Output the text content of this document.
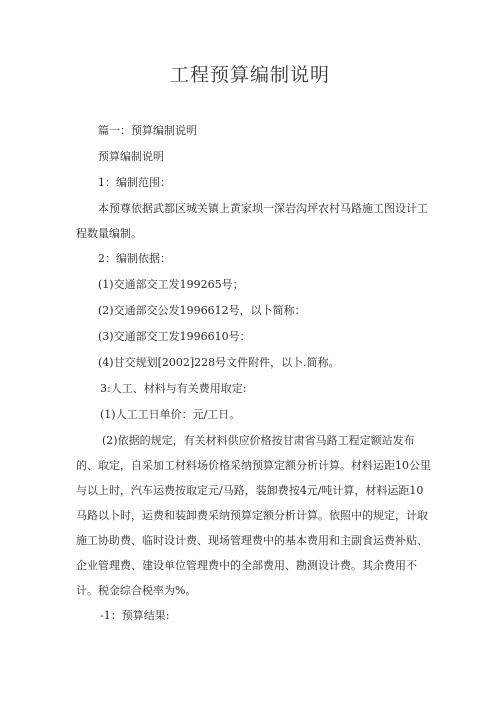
工程预算编制说明

篇一：预算编制说明

预算编制说明

1：编制范围：

本预尊依据武都区城关镇上黄家坝一深岩沟坪农村马路施工图设计工程数量编制。

2：编制依据：

(1)交通部交工发199265号；

(2)交通部交公发1996612号，以卜简称：

(3)交通部交工发1996610号：

(4)甘交规划[2002]228号文件附件，以卜.简称。

3:人工、材料与有关费用取定:

(1)人工工日单价：元/工日。

(2)依据的规定，有关材料供应价格按甘肃省马路工程定额站发布的、取定，自采加工材料场价格采纳预算定额分析计算。材料运距10公里与以上时，汽车运费按取定元/马路，装卸费按4元/吨计算，材料运距10马路以卜时，运费和装卸费采纳预算定额分析计算。依照中的规定，计取施工协助费、临时设计费、现场管理费中的基本费用和主副食运费补贴、企业管理费、建设单位管理费中的全部费用、勘测设计费。其余费用不计。税金综合税率为%。

-1：预算结果:
